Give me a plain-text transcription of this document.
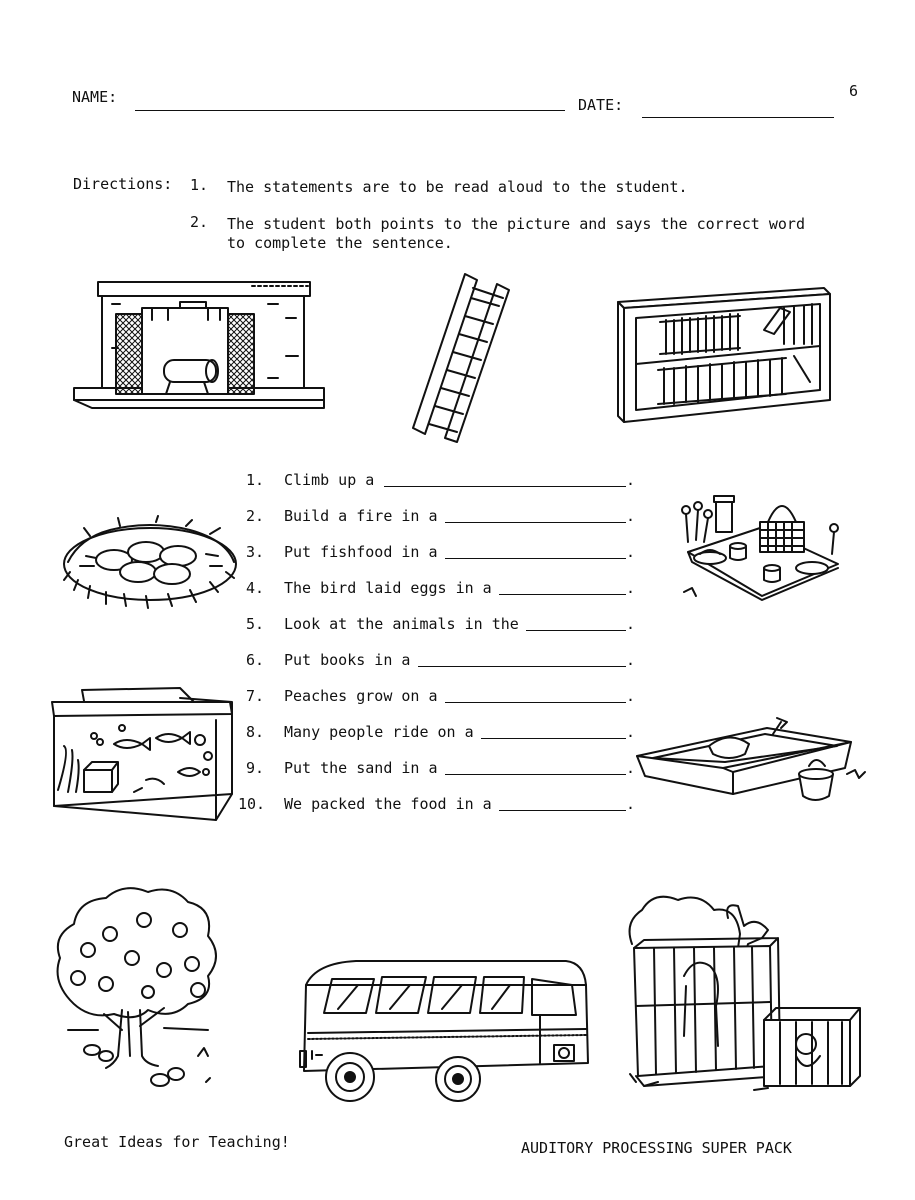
NAME:	DATE:
6
Directions: 1. The statements are to be read aloud to the student.
2. The student both points to the picture and says the correct word
to complete the sentence.
1. Climb up a	.
2. Build a fire in a	.
3. Put fishfood in a	.
4. The bird laid eggs in a	.
5. Look at the animals in the	.
6. Put books in a	.
7. Peaches grow on a	.
8. Many people ride on a	.
9. Put the sand in a	.
10. We packed the food in a	.
Great Ideas for Teaching!	AUDITORY PROCESSING SUPER PACK
